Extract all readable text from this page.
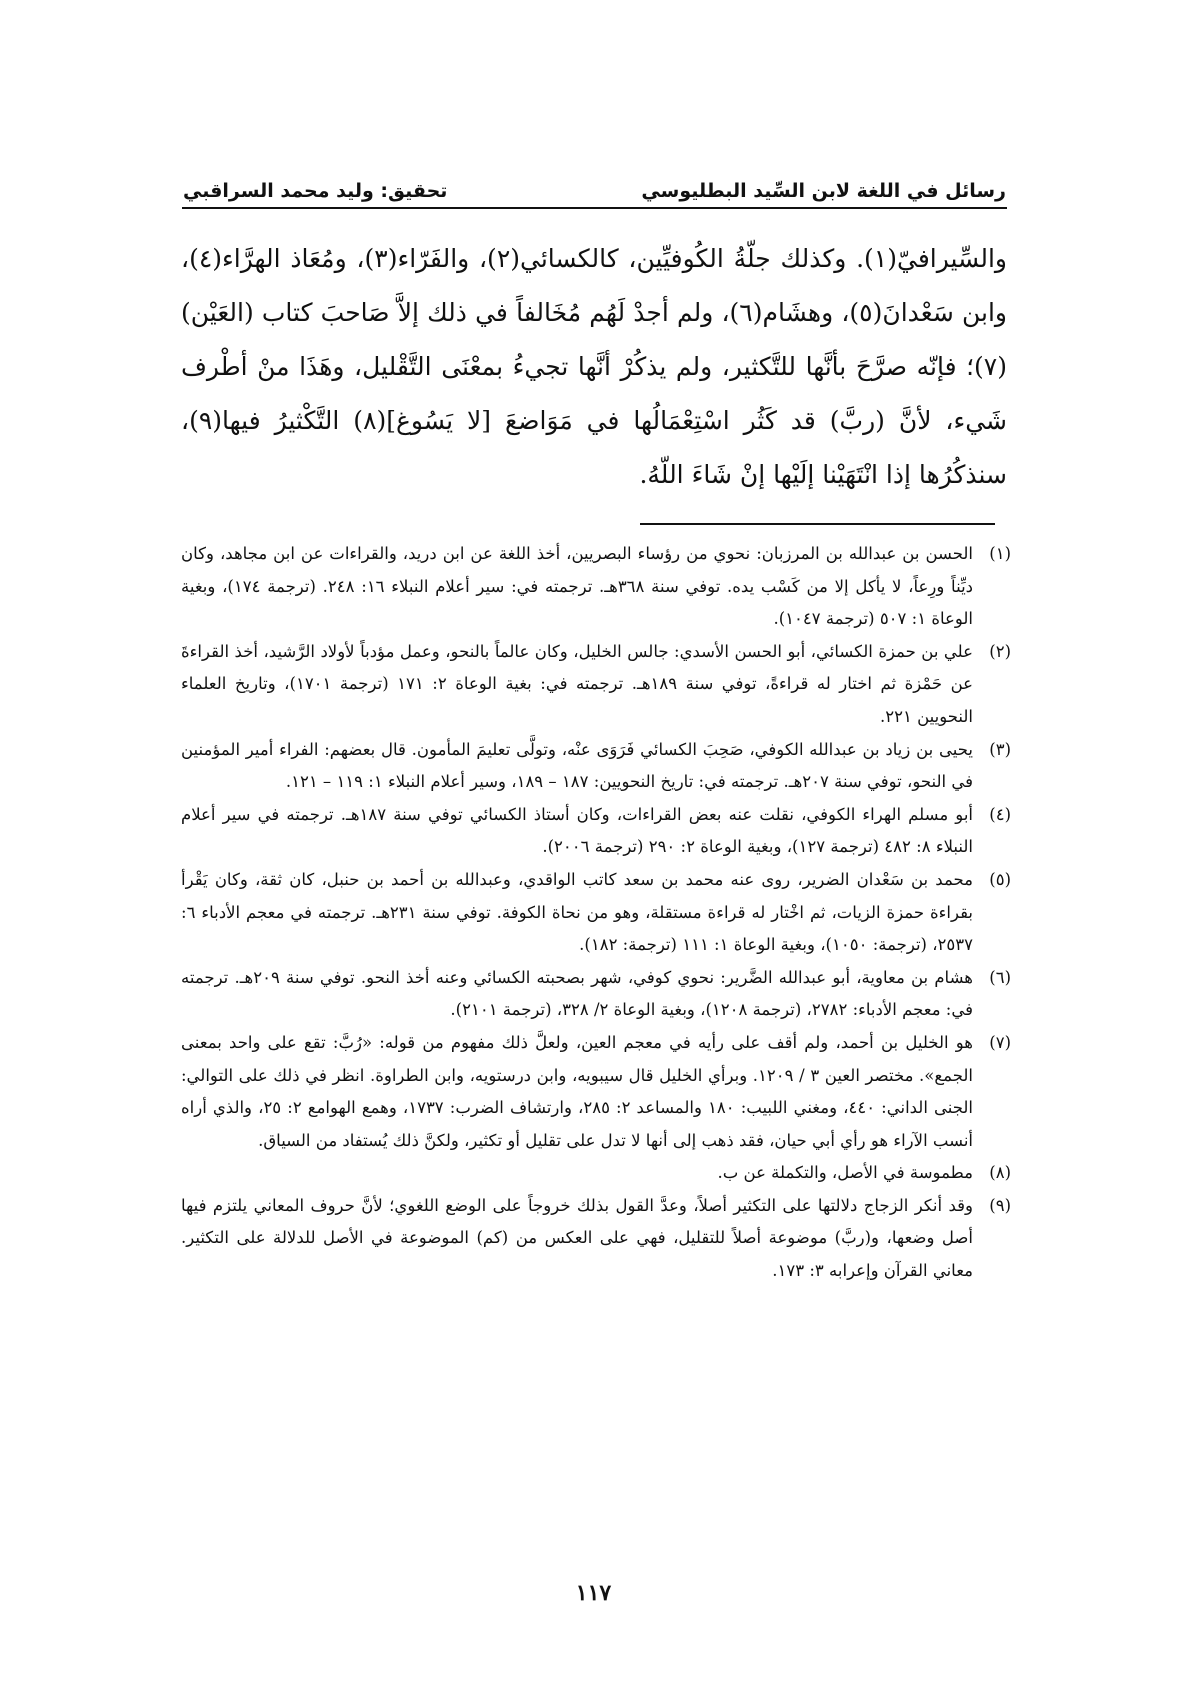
رسائل في اللغة لابن السِّيد البطليوسي
تحقيق: وليد محمد السراقبي

والسِّيرافيّ(١). وكذلك جلّةُ الكُوفيِّين، كالكسائي(٢)، والفَرّاء(٣)، ومُعَاذ الهرَّاء(٤)، وابن سَعْدانَ(٥)، وهشَام(٦)، ولم أجدْ لَهُم مُخَالفاً في ذلك إلاَّ صَاحبَ كتاب (العَيْن)(٧)؛ فإنّه صرَّحَ بأنَّها للتَّكثير، ولم يذكُرْ أنَّها تجيءُ بمعْنَى التَّقْليل، وهَذَا منْ أطْرف شَيء، لأنَّ (ربَّ) قد كَثُر اسْتِعْمَالُها في مَوَاضعَ [لا يَسُوغ](٨) التَّكْثيرُ فيها(٩)، سنذكُرُها إذا انْتَهَيْنا إلَيْها إنْ شَاءَ اللّهُ.

(١)
الحسن بن عبدالله بن المرزبان: نحوي من رؤساء البصريين، أخذ اللغة عن ابن دريد، والقراءات عن ابن مجاهد، وكان ديِّناً ورِعاً، لا يأكل إلا من كَسْب يده. توفي سنة ٣٦٨هـ. ترجمته في: سير أعلام النبلاء ١٦: ٢٤٨. (ترجمة ١٧٤)، وبغية الوعاة ١: ٥٠٧ (ترجمة ١٠٤٧).
(٢)
علي بن حمزة الكسائي، أبو الحسن الأسدي: جالس الخليل، وكان عالماً بالنحو، وعمل مؤدباً لأولاد الرَّشيد، أخذ القراءةَ عن حَمْزة ثم اختار له قراءةً، توفي سنة ١٨٩هـ. ترجمته في: بغية الوعاة ٢: ١٧١ (ترجمة ١٧٠١)، وتاريخ العلماء النحويين ٢٢١.
(٣)
يحيى بن زياد بن عبدالله الكوفي، صَحِبَ الكسائي فَرَوَى عنْه، وتولَّى تعليمَ المأمون. قال بعضهم: الفراء أمير المؤمنين في النحو، توفي سنة ٢٠٧هـ. ترجمته في: تاريخ النحويين: ١٨٧ – ١٨٩، وسير أعلام النبلاء ١: ١١٩ – ١٢١.
(٤)
أبو مسلم الهراء الكوفي، نقلت عنه بعض القراءات، وكان أستاذ الكسائي توفي سنة ١٨٧هـ. ترجمته في سير أعلام النبلاء ٨: ٤٨٢ (ترجمة ١٢٧)، وبغية الوعاة ٢: ٢٩٠ (ترجمة ٢٠٠٦).
(٥)
محمد بن سَعْدان الضرير، روى عنه محمد بن سعد كاتب الواقدي، وعبدالله بن أحمد بن حنبل، كان ثقة، وكان يَقْرأ بقراءة حمزة الزيات، ثم اخْتار له قراءة مستقلة، وهو من نحاة الكوفة. توفي سنة ٢٣١هـ. ترجمته في معجم الأدباء ٦: ٢٥٣٧، (ترجمة: ١٠٥٠)، وبغية الوعاة ١: ١١١ (ترجمة: ١٨٢).
(٦)
هشام بن معاوية، أبو عبدالله الضَّرير: نحوي كوفي، شهر بصحبته الكسائي وعنه أخذ النحو. توفي سنة ٢٠٩هـ. ترجمته في: معجم الأدباء: ٢٧٨٢، (ترجمة ١٢٠٨)، وبغية الوعاة ٢/ ٣٢٨، (ترجمة ٢١٠١).
(٧)
هو الخليل بن أحمد، ولم أقف على رأيه في معجم العين، ولعلَّ ذلك مفهوم من قوله: «رُبَّ: تقع على واحد بمعنى الجمع». مختصر العين ٣ / ١٢٠٩. وبرأي الخليل قال سيبويه، وابن درستويه، وابن الطراوة. انظر في ذلك على التوالي: الجنى الداني: ٤٤٠، ومغني اللبيب: ١٨٠ والمساعد ٢: ٢٨٥، وارتشاف الضرب: ١٧٣٧، وهمع الهوامع ٢: ٢٥، والذي أراه أنسب الآراء هو رأي أبي حيان، فقد ذهب إلى أنها لا تدل على تقليل أو تكثير، ولكنَّ ذلك يُستفاد من السياق.
(٨)
مطموسة في الأصل، والتكملة عن ب.
(٩)
وقد أنكر الزجاج دلالتها على التكثير أصلاً، وعدَّ القول بذلك خروجاً على الوضع اللغوي؛ لأنَّ حروف المعاني يلتزم فيها أصل وضعها، و(ربَّ) موضوعة أصلاً للتقليل، فهي على العكس من (كم) الموضوعة في الأصل للدلالة على التكثير. معاني القرآن وإعرابه ٣: ١٧٣.
١١٧
